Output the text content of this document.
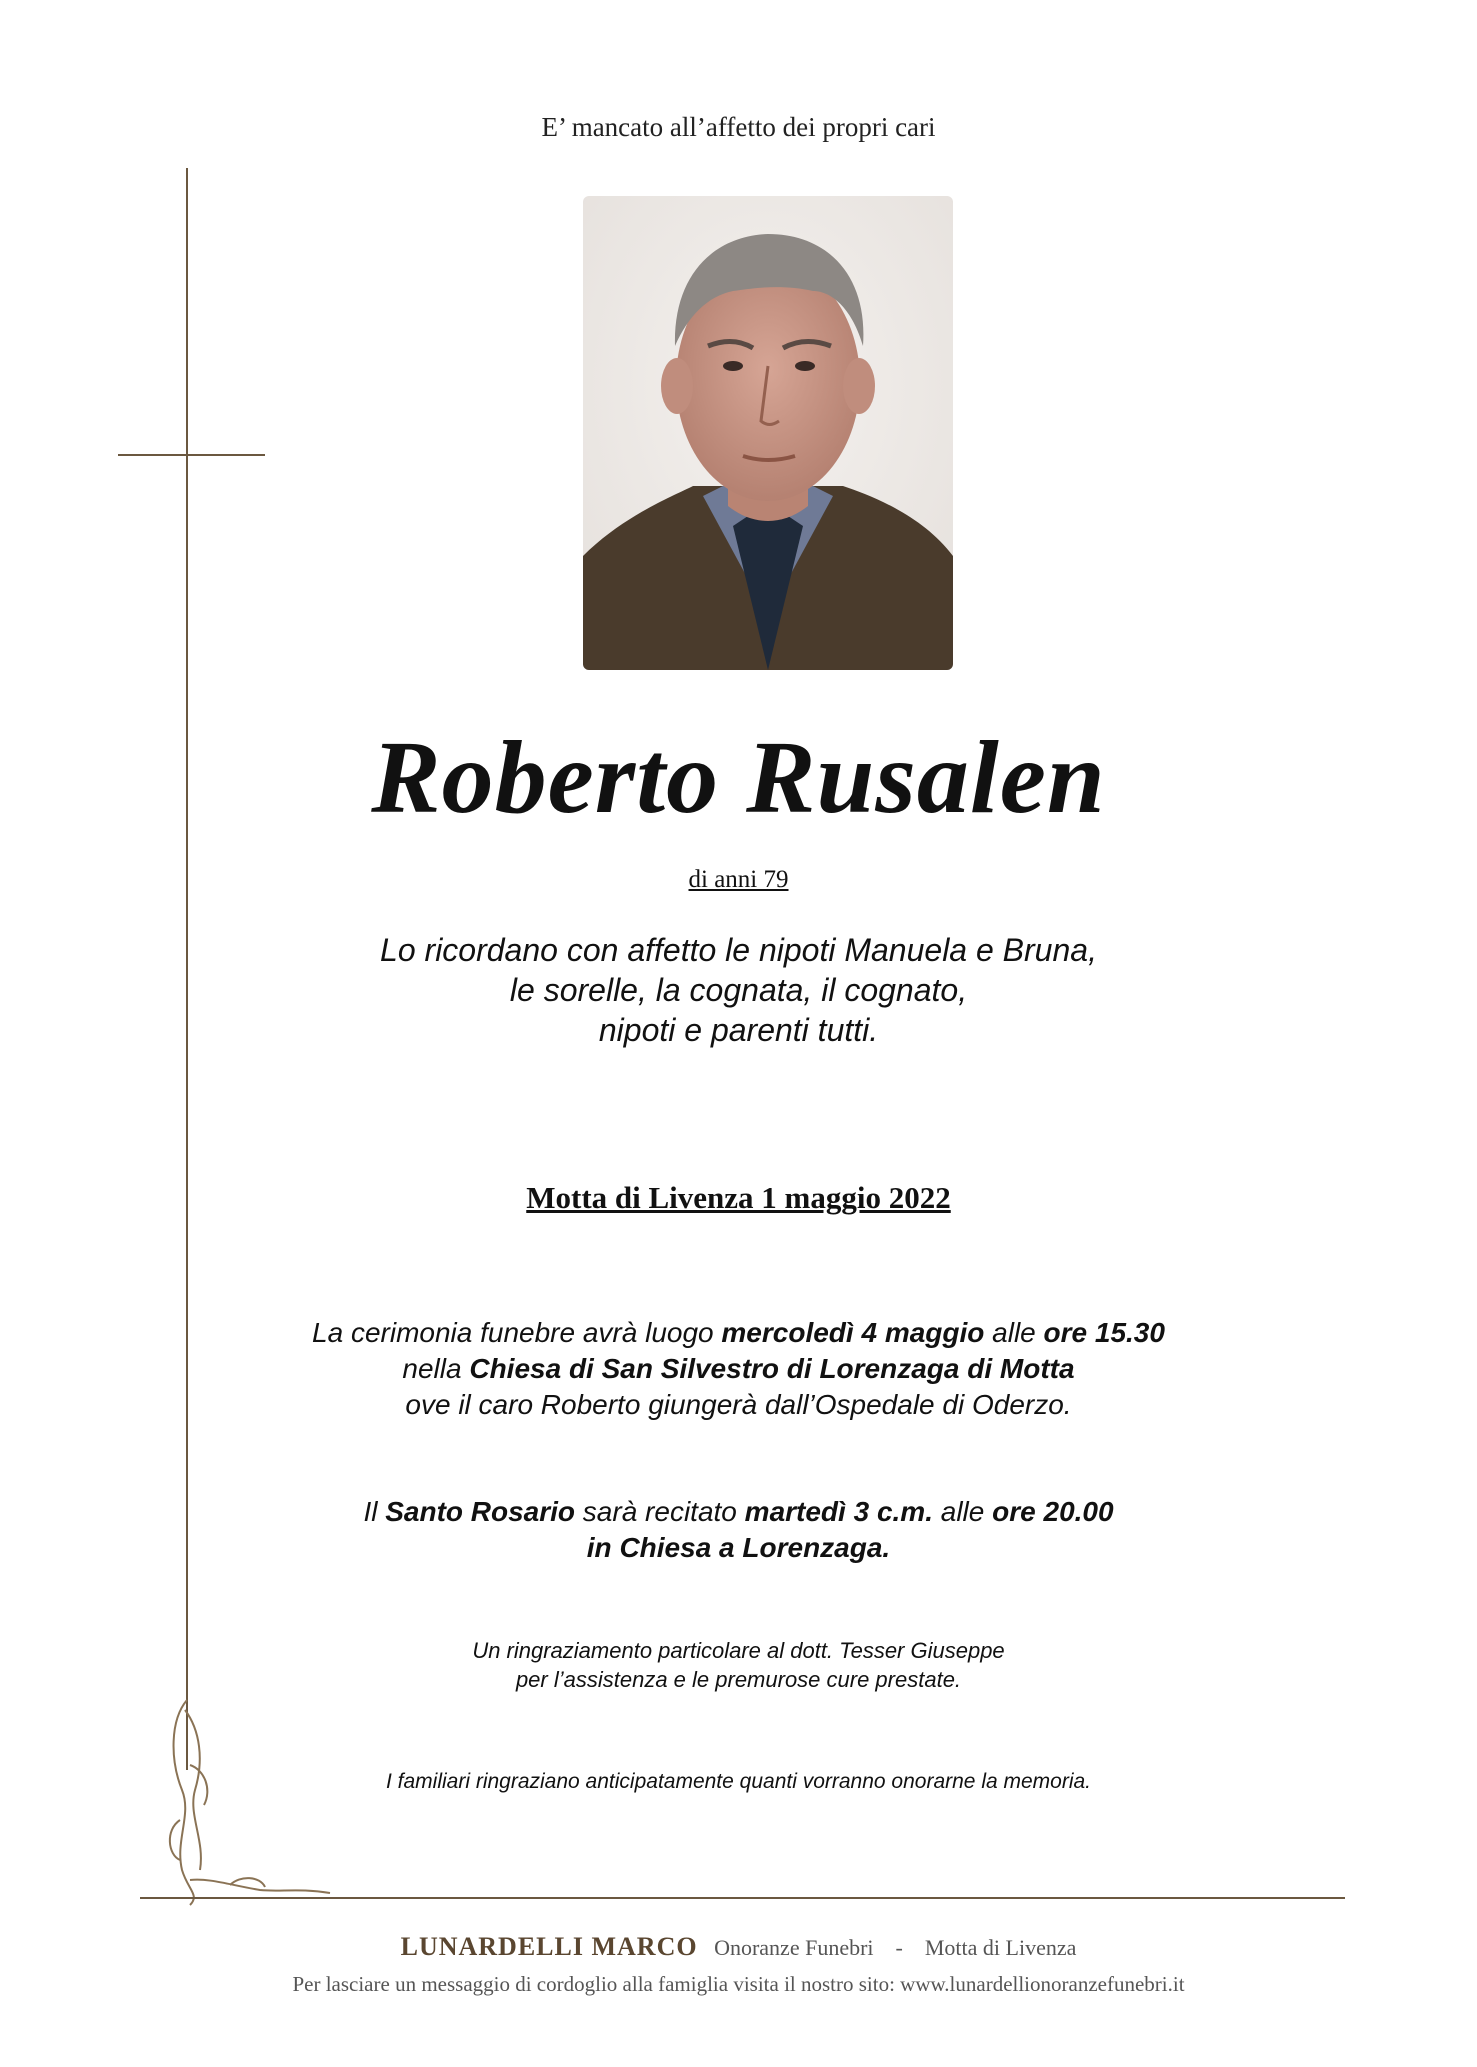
E’ mancato all’affetto dei propri cari
Roberto Rusalen
di anni 79
Lo ricordano con affetto le nipoti Manuela e Bruna,
le sorelle, la cognata, il cognato,
nipoti e parenti tutti.
Motta di Livenza 1 maggio 2022
La cerimonia funebre avrà luogo mercoledì 4 maggio alle ore 15.30
nella Chiesa di San Silvestro di Lorenzaga di Motta
ove il caro Roberto giungerà dall’Ospedale di Oderzo.
Il Santo Rosario sarà recitato martedì 3 c.m. alle ore 20.00
in Chiesa a Lorenzaga.
Un ringraziamento particolare al dott. Tesser Giuseppe
per l’assistenza e le premurose cure prestate.
I familiari ringraziano anticipatamente quanti vorranno onorarne la memoria.
LUNARDELLI MARCO Onoranze Funebri - Motta di Livenza
Per lasciare un messaggio di cordoglio alla famiglia visita il nostro sito: www.lunardellionoranzefunebri.it
